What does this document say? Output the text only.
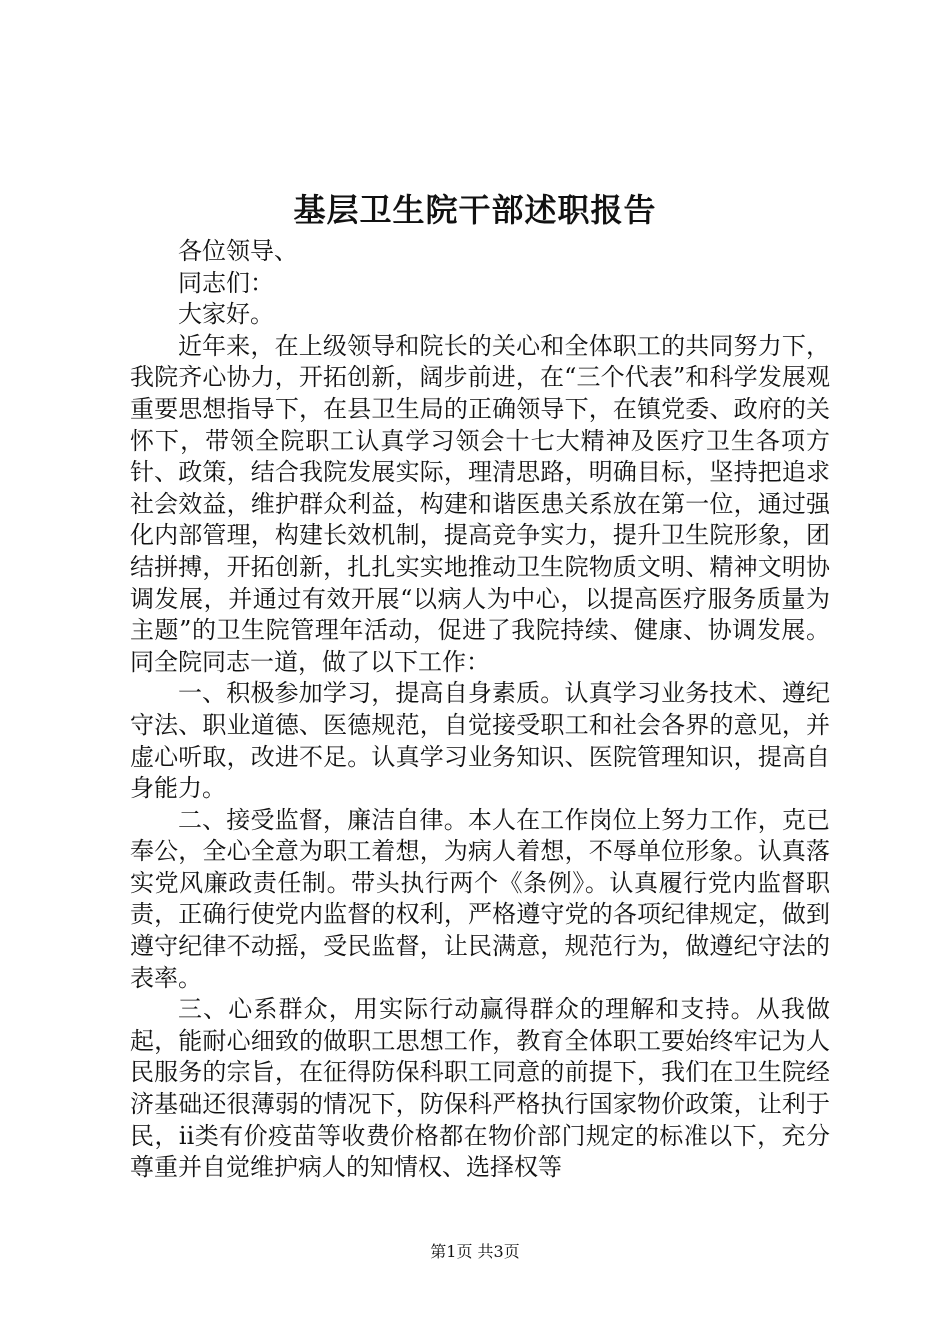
基层卫生院干部述职报告

各位领导、

同志们：

大家好。

近年来，在上级领导和院长的关心和全体职工的共同努力下，我院齐心协力，开拓创新，阔步前进，在“三个代表”和科学发展观重要思想指导下，在县卫生局的正确领导下，在镇党委、政府的关怀下，带领全院职工认真学习领会十七大精神及医疗卫生各项方针、政策，结合我院发展实际，理清思路，明确目标，坚持把追求社会效益，维护群众利益，构建和谐医患关系放在第一位，通过强化内部管理，构建长效机制，提高竞争实力，提升卫生院形象，团结拼搏，开拓创新，扎扎实实地推动卫生院物质文明、精神文明协调发展，并通过有效开展“以病人为中心，以提高医疗服务质量为主题”的卫生院管理年活动，促进了我院持续、健康、协调发展。同全院同志一道，做了以下工作：

一、积极参加学习，提高自身素质。认真学习业务技术、遵纪守法、职业道德、医德规范，自觉接受职工和社会各界的意见，并虚心听取，改进不足。认真学习业务知识、医院管理知识，提高自身能力。

二、接受监督，廉洁自律。本人在工作岗位上努力工作，克已奉公，全心全意为职工着想，为病人着想，不辱单位形象。认真落实党风廉政责任制。带头执行两个《条例》。认真履行党内监督职责，正确行使党内监督的权利，严格遵守党的各项纪律规定，做到遵守纪律不动摇，受民监督，让民满意，规范行为，做遵纪守法的表率。

三、心系群众，用实际行动赢得群众的理解和支持。从我做起，能耐心细致的做职工思想工作，教育全体职工要始终牢记为人民服务的宗旨，在征得防保科职工同意的前提下，我们在卫生院经济基础还很薄弱的情况下，防保科严格执行国家物价政策，让利于民，ii类有价疫苗等收费价格都在物价部门规定的标准以下，充分尊重并自觉维护病人的知情权、选择权等

第1页 共3页
